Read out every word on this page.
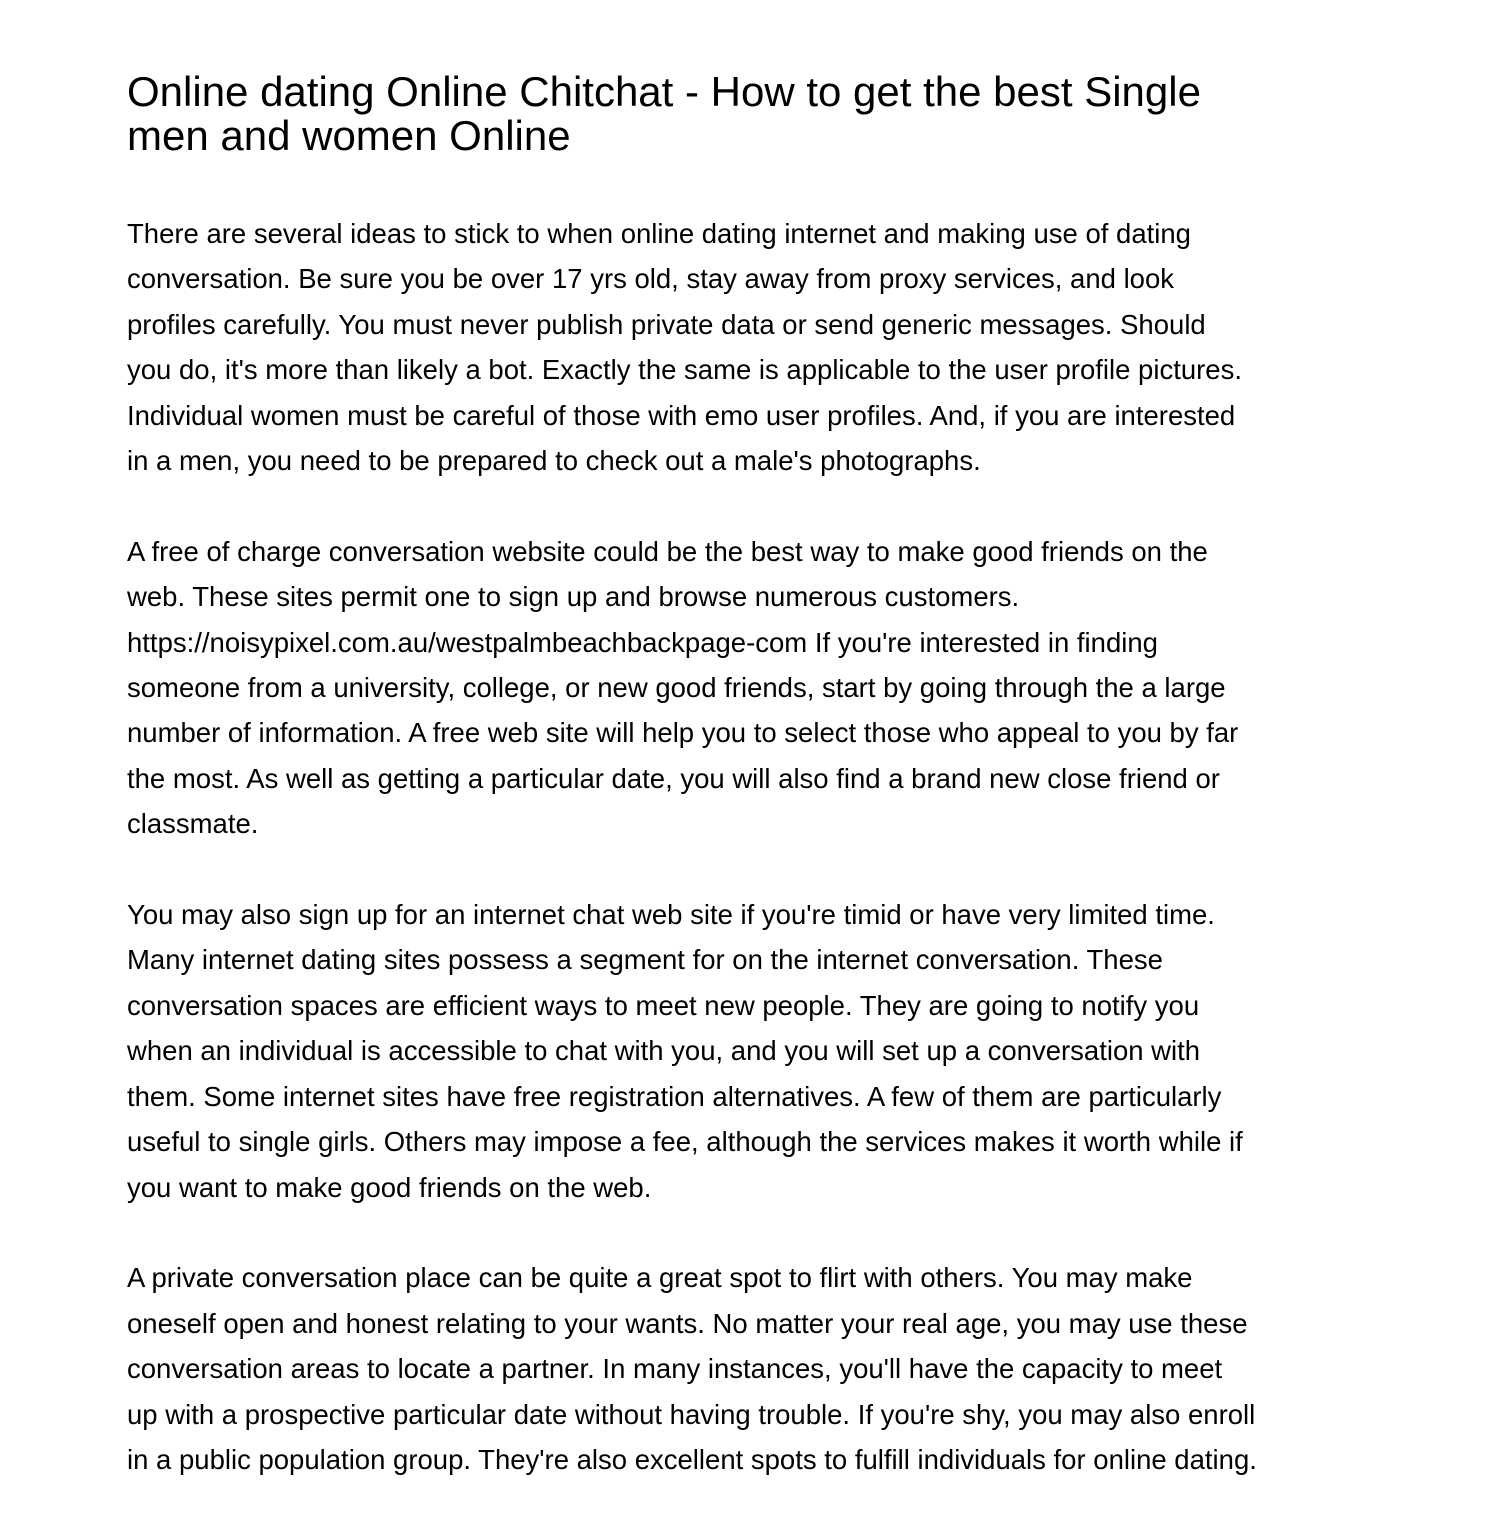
Online dating Online Chitchat - How to get the best Single
men and women Online
There are several ideas to stick to when online dating internet and making use of dating
conversation. Be sure you be over 17 yrs old, stay away from proxy services, and look
profiles carefully. You must never publish private data or send generic messages. Should
you do, it's more than likely a bot. Exactly the same is applicable to the user profile pictures.
Individual women must be careful of those with emo user profiles. And, if you are interested
in a men, you need to be prepared to check out a male's photographs.
A free of charge conversation website could be the best way to make good friends on the
web. These sites permit one to sign up and browse numerous customers.
https://noisypixel.com.au/westpalmbeachbackpage-com If you're interested in finding
someone from a university, college, or new good friends, start by going through the a large
number of information. A free web site will help you to select those who appeal to you by far
the most. As well as getting a particular date, you will also find a brand new close friend or
classmate.
You may also sign up for an internet chat web site if you're timid or have very limited time.
Many internet dating sites possess a segment for on the internet conversation. These
conversation spaces are efficient ways to meet new people. They are going to notify you
when an individual is accessible to chat with you, and you will set up a conversation with
them. Some internet sites have free registration alternatives. A few of them are particularly
useful to single girls. Others may impose a fee, although the services makes it worth while if
you want to make good friends on the web.
A private conversation place can be quite a great spot to flirt with others. You may make
oneself open and honest relating to your wants. No matter your real age, you may use these
conversation areas to locate a partner. In many instances, you'll have the capacity to meet
up with a prospective particular date without having trouble. If you're shy, you may also enroll
in a public population group. They're also excellent spots to fulfill individuals for online dating.
